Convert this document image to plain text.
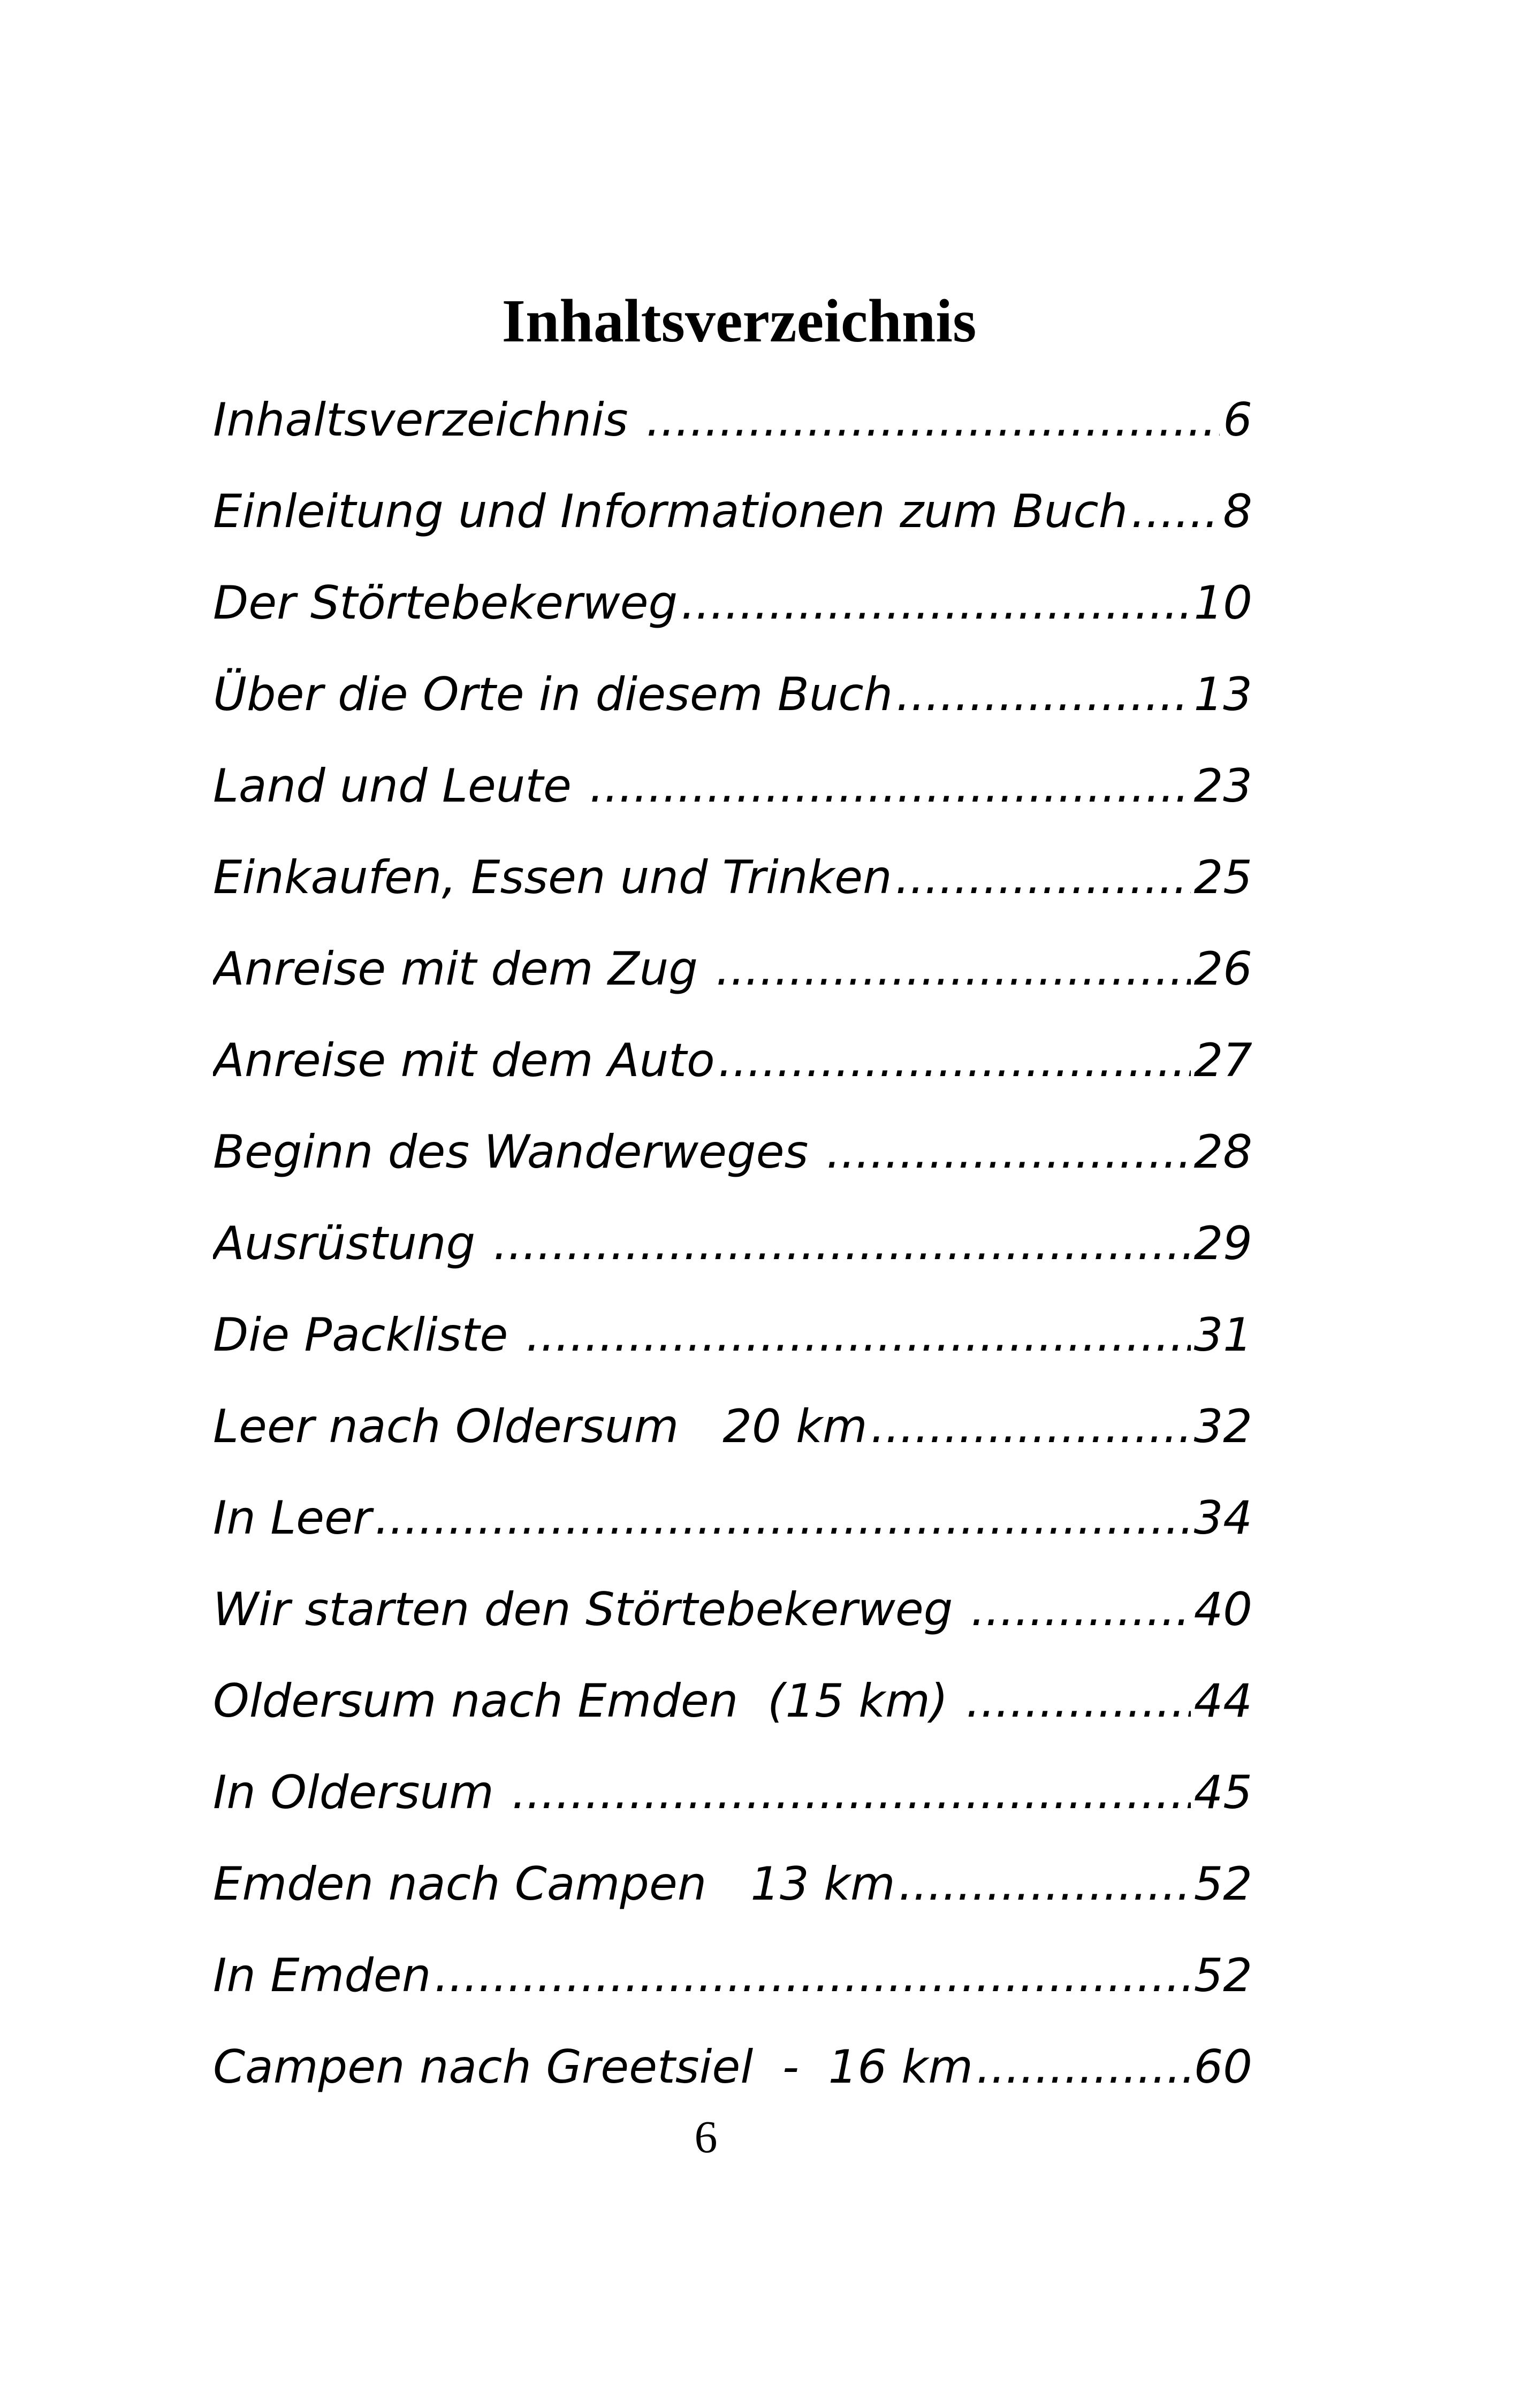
Inhaltsverzeichnis
Inhaltsverzeichnis .....	6
Einleitung und Informationen zum Buch ..... 8
Der Störtebekerweg .....	10
Über die Orte in diesem Buch .....	13
Land und Leute .....	23
Einkaufen, Essen und Trinken .....	25
Anreise mit dem Zug .....	26
Anreise mit dem Auto .....	27
Beginn des Wanderweges .....	28
Ausrüstung .....	29
Die Packliste .....	31
Leer nach Oldersum   20 km .....	32
In Leer .....	34
Wir starten den Störtebekerweg .....	40
Oldersum nach Emden  (15 km) .....	44
In Oldersum .....	45
Emden nach Campen   13 km .....	52
In Emden .....	52
Campen nach Greetsiel  -  16 km .....	60
6
